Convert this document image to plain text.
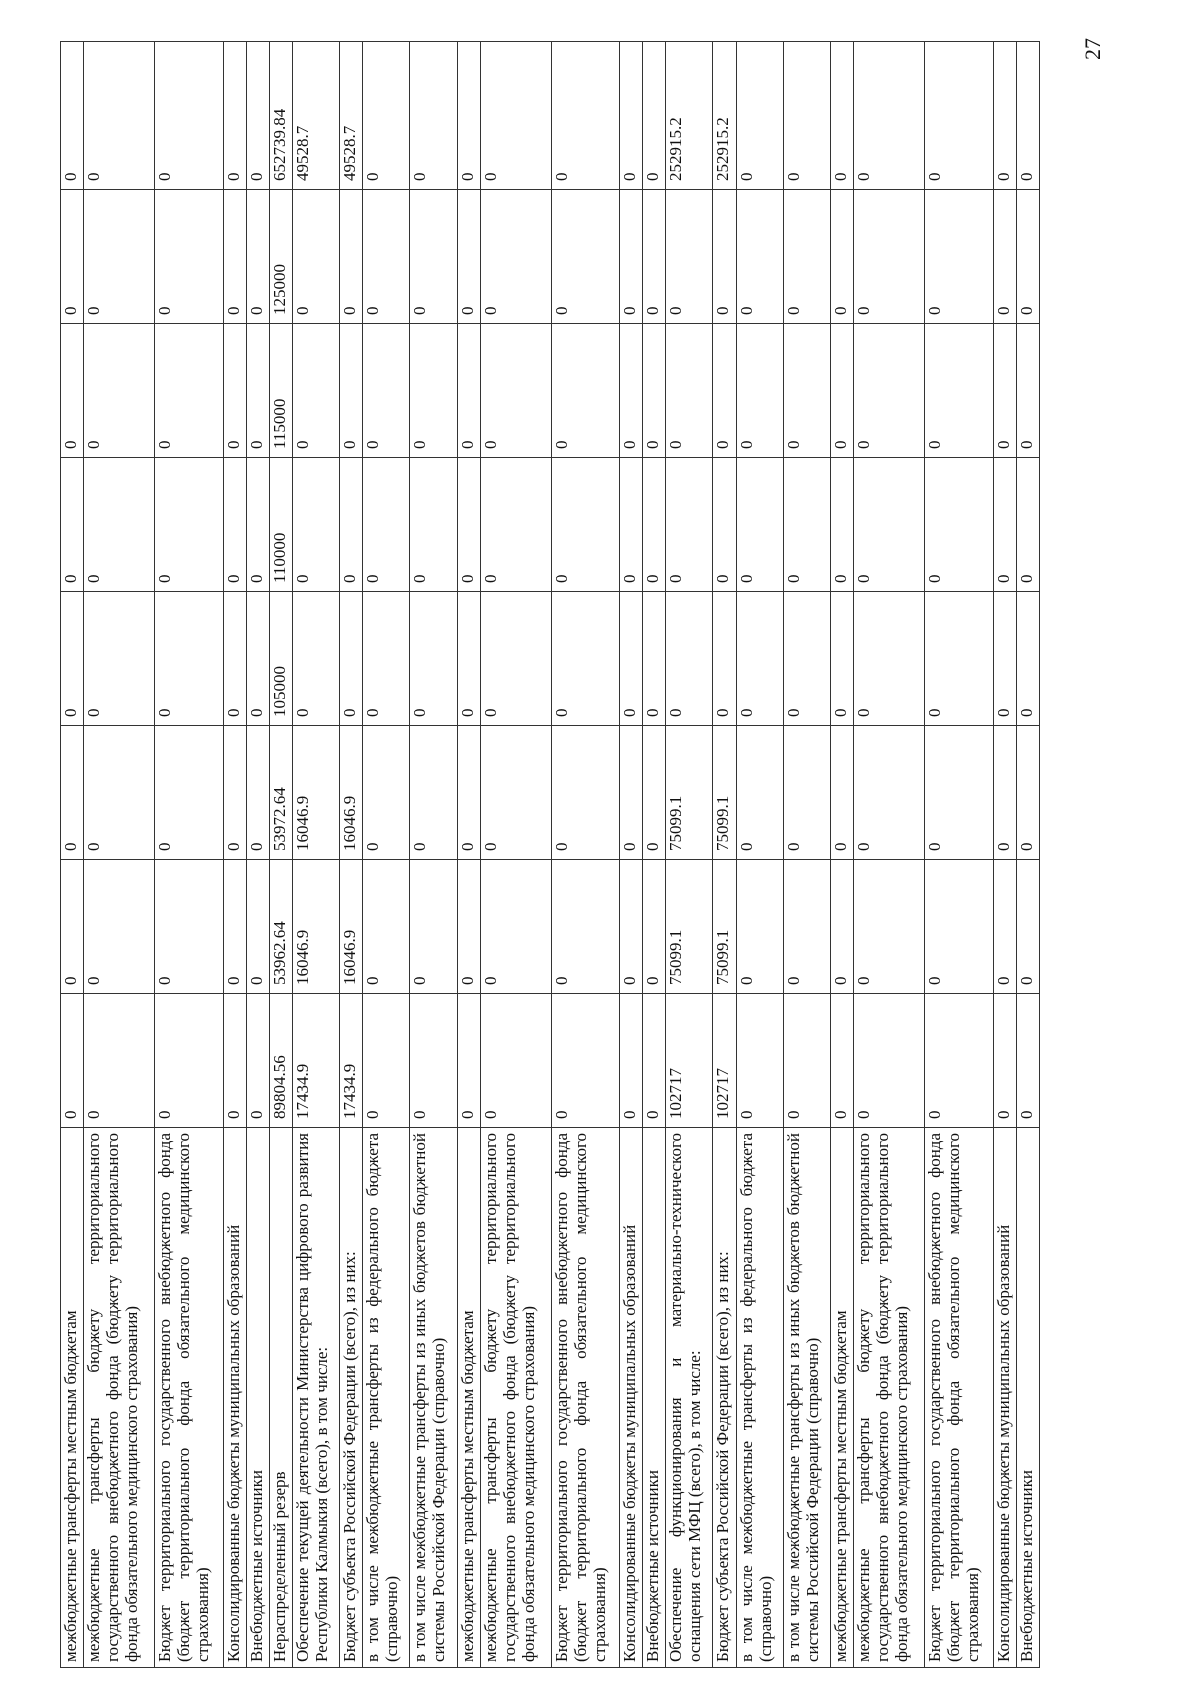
межбюджетные трансферты местным бюджетам	0	0	0	0	0	0	0	0
межбюджетные трансферты бюджету территориального государственного внебюджетного фонда (бюджету территориального фонда обязательного медицинского страхования)	0	0	0	0	0	0	0	0
Бюджет территориального государственного внебюджетного фонда (бюджет территориального фонда обязательного медицинского страхования)	0	0	0	0	0	0	0	0
Консолидированные бюджеты муниципальных образований	0	0	0	0	0	0	0	0
Внебюджетные источники	0	0	0	0	0	0	0	0
Нераспределенный резерв	89804.56	53962.64	53972.64	105000	110000	115000	125000	652739.84
Обеспечение текущей деятельности Министерства цифрового развития Республики Калмыкия (всего), в том числе:	17434.9	16046.9	16046.9	0	0	0	0	49528.7
Бюджет субъекта Российской Федерации (всего), из них:	17434.9	16046.9	16046.9	0	0	0	0	49528.7
в том числе межбюджетные трансферты из федерального бюджета (справочно)	0	0	0	0	0	0	0	0
в том числе межбюджетные трансферты из иных бюджетов бюджетной системы Российской Федерации (справочно)	0	0	0	0	0	0	0	0
межбюджетные трансферты местным бюджетам	0	0	0	0	0	0	0	0
межбюджетные трансферты бюджету территориального государственного внебюджетного фонда (бюджету территориального фонда обязательного медицинского страхования)	0	0	0	0	0	0	0	0
Бюджет территориального государственного внебюджетного фонда (бюджет территориального фонда обязательного медицинского страхования)	0	0	0	0	0	0	0	0
Консолидированные бюджеты муниципальных образований	0	0	0	0	0	0	0	0
Внебюджетные источники	0	0	0	0	0	0	0	0
Обеспечение функционирования и материально-технического оснащения сети МФЦ (всего), в том числе:	102717	75099.1	75099.1	0	0	0	0	252915.2
Бюджет субъекта Российской Федерации (всего), из них:	102717	75099.1	75099.1	0	0	0	0	252915.2
в том числе межбюджетные трансферты из федерального бюджета (справочно)	0	0	0	0	0	0	0	0
в том числе межбюджетные трансферты из иных бюджетов бюджетной системы Российской Федерации (справочно)	0	0	0	0	0	0	0	0
межбюджетные трансферты местным бюджетам	0	0	0	0	0	0	0	0
межбюджетные трансферты бюджету территориального государственного внебюджетного фонда (бюджету территориального фонда обязательного медицинского страхования)	0	0	0	0	0	0	0	0
Бюджет территориального государственного внебюджетного фонда (бюджет территориального фонда обязательного медицинского страхования)	0	0	0	0	0	0	0	0
Консолидированные бюджеты муниципальных образований	0	0	0	0	0	0	0	0
Внебюджетные источники	0	0	0	0	0	0	0	0
27
